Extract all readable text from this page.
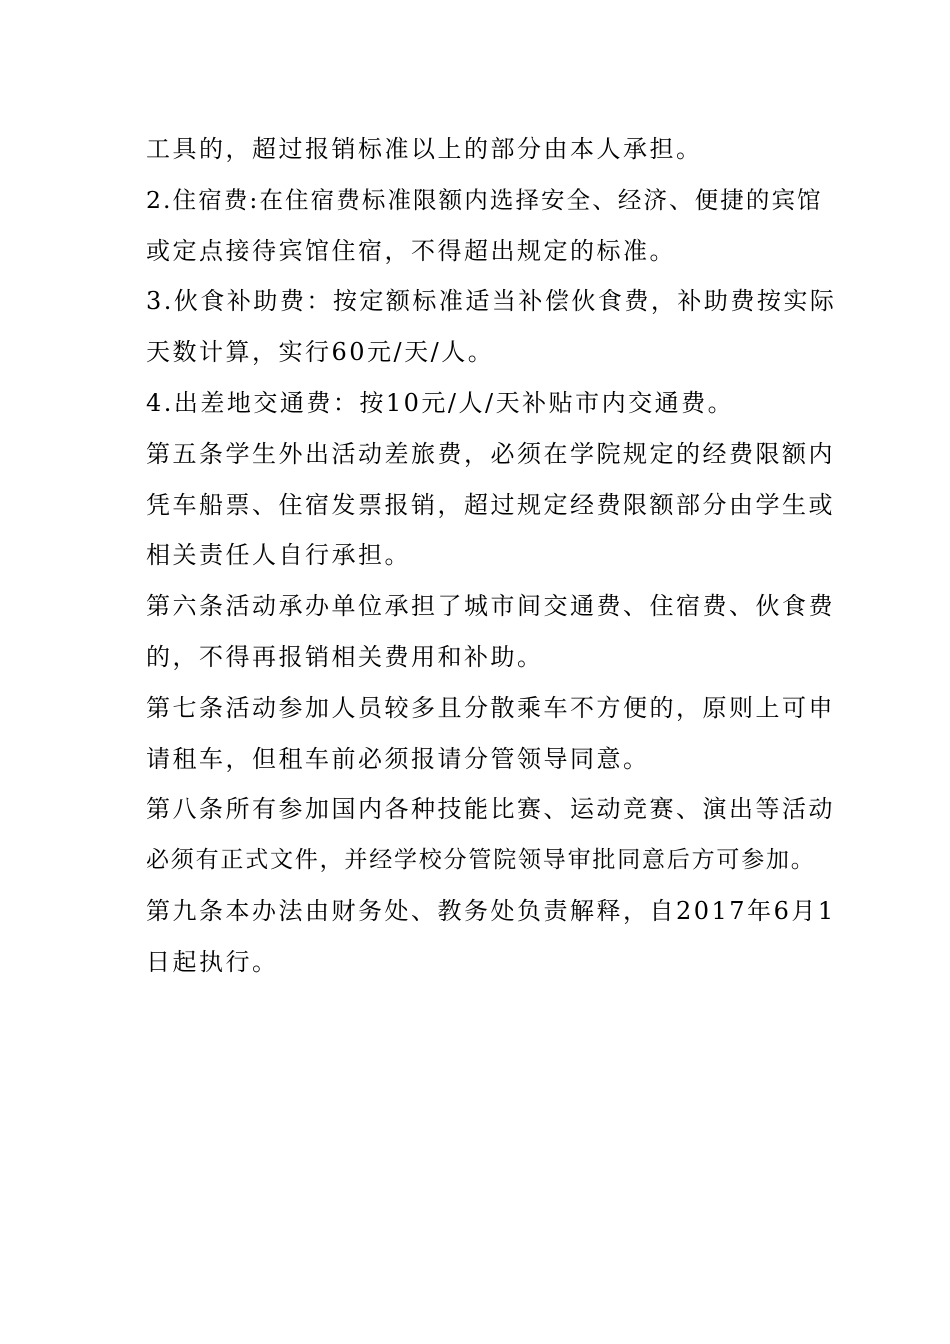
工具的，超过报销标准以上的部分由本人承担。
2.住宿费:在住宿费标准限额内选择安全、经济、便捷的宾馆
或定点接待宾馆住宿，不得超出规定的标准。
3.伙食补助费：按定额标准适当补偿伙食费，补助费按实际
天数计算，实行60元/天/人。
4.出差地交通费：按10元/人/天补贴市内交通费。
第五条学生外出活动差旅费，必须在学院规定的经费限额内
凭车船票、住宿发票报销，超过规定经费限额部分由学生或
相关责任人自行承担。
第六条活动承办单位承担了城市间交通费、住宿费、伙食费
的，不得再报销相关费用和补助。
第七条活动参加人员较多且分散乘车不方便的，原则上可申
请租车，但租车前必须报请分管领导同意。
第八条所有参加国内各种技能比赛、运动竞赛、演出等活动
必须有正式文件，并经学校分管院领导审批同意后方可参加。
第九条本办法由财务处、教务处负责解释，自2017年6月1
日起执行。
